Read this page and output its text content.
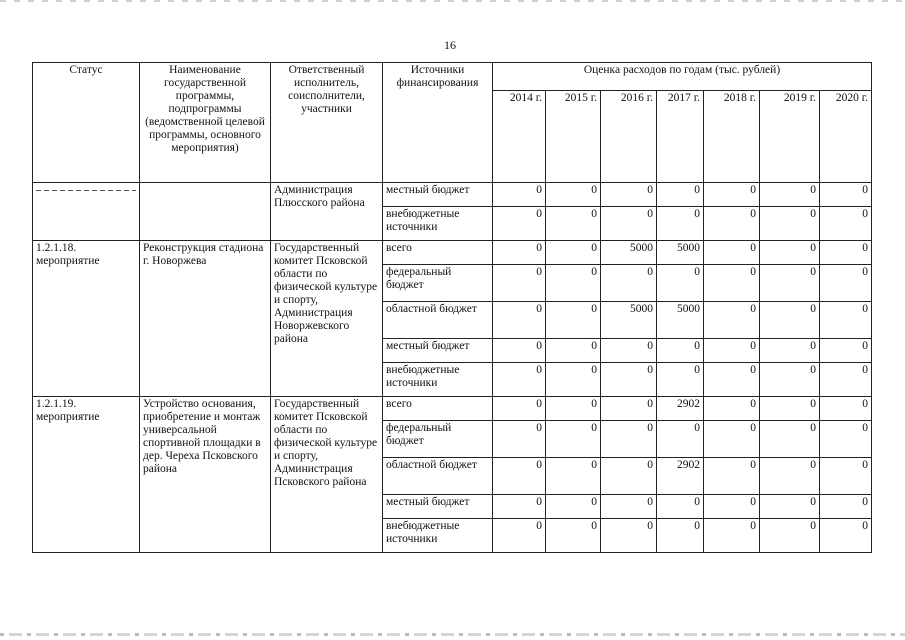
16
Статус	Наименование государственной программы, подпрограммы (ведомственной целевой программы, основного мероприятия)	Ответственный исполнитель, соисполнители, участники	Источники финансирования	Оценка расходов по годам (тыс. рублей)						
				2014 г.	2015 г.	2016 г.	2017 г.	2018 г.	2019 г.	2020 г.

		Администрация Плюсского района	местный бюджет	0	0	0	0	0	0	0
			внебюджетные источники	0	0	0	0	0	0	0
1.2.1.18. мероприятие	Реконструкция стадиона г. Новоржева	Государственный комитет Псковской области по физической культуре и спорту, Администрация Новоржевского района	всего	0	0	5000	5000	0	0	0
			федеральный бюджет	0	0	0	0	0	0	0
			областной бюджет	0	0	5000	5000	0	0	0
			местный бюджет	0	0	0	0	0	0	0
			внебюджетные источники	0	0	0	0	0	0	0
1.2.1.19. мероприятие	Устройство основания, приобретение и монтаж универсальной спортивной площадки в дер. Череха Псковского района	Государственный комитет Псковской области по физической культуре и спорту, Администрация Псковского района	всего	0	0	0	2902	0	0	0
			федеральный бюджет	0	0	0	0	0	0	0
			областной бюджет	0	0	0	2902	0	0	0
			местный бюджет	0	0	0	0	0	0	0
			внебюджетные источники	0	0	0	0	0	0	0
